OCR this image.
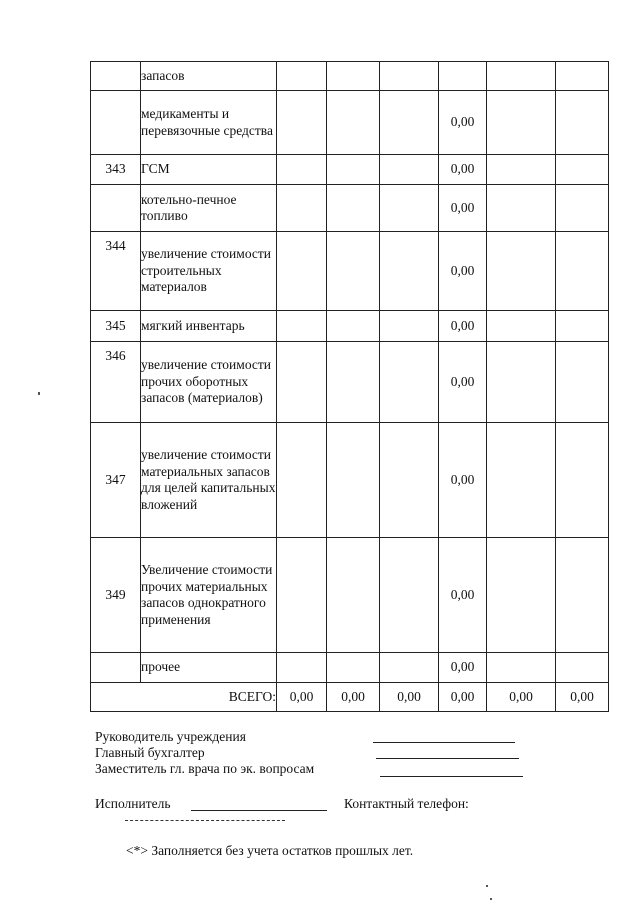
	запасов						
	медикаменты и перевязочные средства				0,00		
343	ГСМ				0,00		
	котельно-печное топливо				0,00		
344	увеличение стоимости строительных материалов				0,00		
345	мягкий инвентарь				0,00		
346	увеличение стоимости прочих оборотных запасов (материалов)				0,00		
347	увеличение стоимости материальных запасов для целей капитальных вложений				0,00		
349	Увеличение стоимости прочих материальных запасов однократного применения				0,00		
	прочее				0,00		
ВСЕГО:		0,00	0,00	0,00	0,00	0,00	0,00
Руководитель учреждения
Главный бухгалтер
Заместитель гл. врача по эк. вопросам
Исполнитель	Контактный телефон:
<*> Заполняется без учета остатков прошлых лет.
